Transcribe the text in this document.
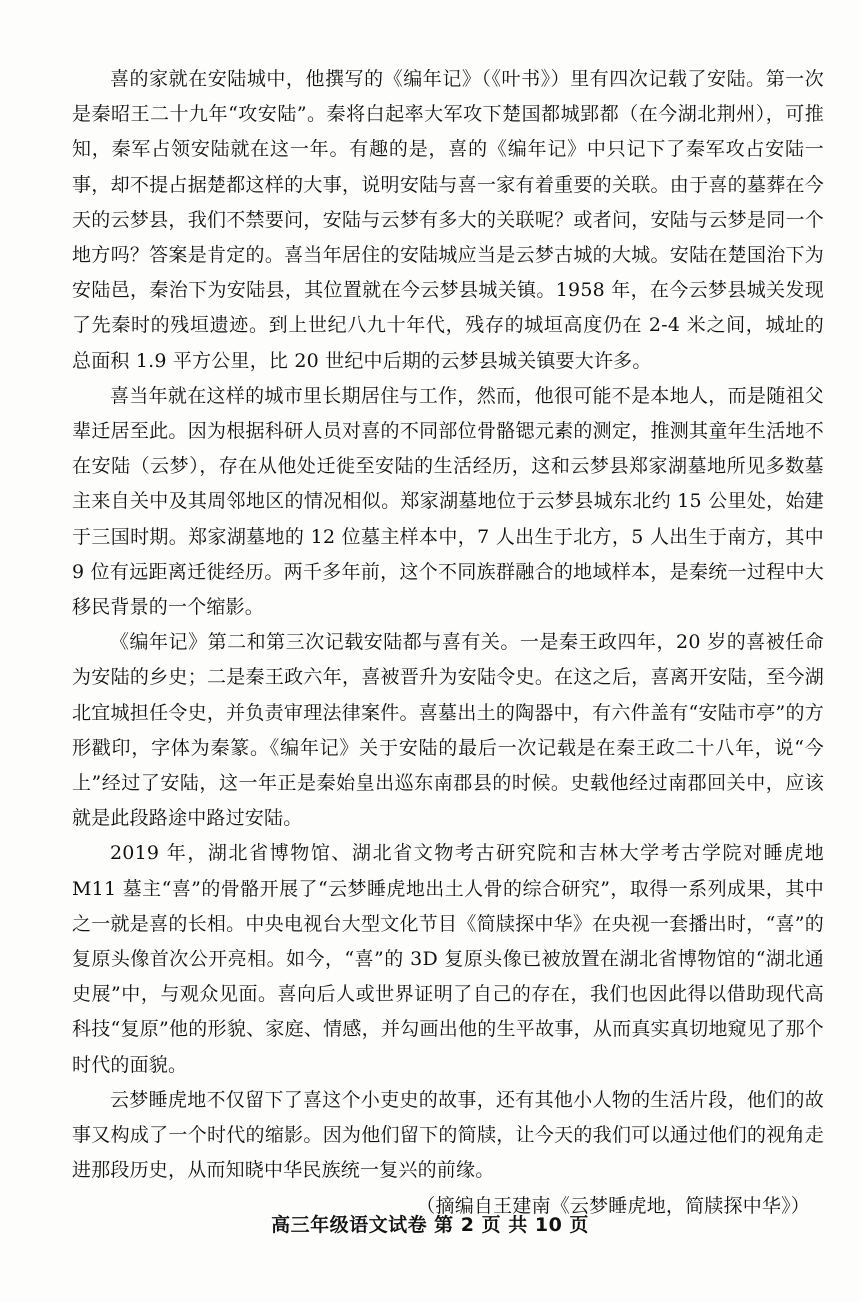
喜的家就在安陆城中，他撰写的《编年记》（《叶书》）里有四次记载了安陆。第一次是秦昭王二十九年“攻安陆”。秦将白起率大军攻下楚国都城郢都（在今湖北荆州），可推知，秦军占领安陆就在这一年。有趣的是，喜的《编年记》中只记下了秦军攻占安陆一事，却不提占据楚都这样的大事，说明安陆与喜一家有着重要的关联。由于喜的墓葬在今天的云梦县，我们不禁要问，安陆与云梦有多大的关联呢？或者问，安陆与云梦是同一个地方吗？答案是肯定的。喜当年居住的安陆城应当是云梦古城的大城。安陆在楚国治下为安陆邑，秦治下为安陆县，其位置就在今云梦县城关镇。1958 年，在今云梦县城关发现了先秦时的残垣遗迹。到上世纪八九十年代，残存的城垣高度仍在 2-4 米之间，城址的总面积 1.9 平方公里，比 20 世纪中后期的云梦县城关镇要大许多。

喜当年就在这样的城市里长期居住与工作，然而，他很可能不是本地人，而是随祖父辈迁居至此。因为根据科研人员对喜的不同部位骨骼锶元素的测定，推测其童年生活地不在安陆（云梦），存在从他处迁徙至安陆的生活经历，这和云梦县郑家湖墓地所见多数墓主来自关中及其周邻地区的情况相似。郑家湖墓地位于云梦县城东北约 15 公里处，始建于三国时期。郑家湖墓地的 12 位墓主样本中，7 人出生于北方，5 人出生于南方，其中 9 位有远距离迁徙经历。两千多年前，这个不同族群融合的地域样本，是秦统一过程中大移民背景的一个缩影。

《编年记》第二和第三次记载安陆都与喜有关。一是秦王政四年，20 岁的喜被任命为安陆的乡史；二是秦王政六年，喜被晋升为安陆令史。在这之后，喜离开安陆，至今湖北宜城担任令史，并负责审理法律案件。喜墓出土的陶器中，有六件盖有“安陆市亭”的方形戳印，字体为秦篆。《编年记》关于安陆的最后一次记载是在秦王政二十八年，说“今上”经过了安陆，这一年正是秦始皇出巡东南郡县的时候。史载他经过南郡回关中，应该就是此段路途中路过安陆。

2019 年，湖北省博物馆、湖北省文物考古研究院和吉林大学考古学院对睡虎地 M11 墓主“喜”的骨骼开展了“云梦睡虎地出土人骨的综合研究”，取得一系列成果，其中之一就是喜的长相。中央电视台大型文化节目《简牍探中华》在央视一套播出时，“喜”的复原头像首次公开亮相。如今，“喜”的 3D 复原头像已被放置在湖北省博物馆的“湖北通史展”中，与观众见面。喜向后人或世界证明了自己的存在，我们也因此得以借助现代高科技“复原”他的形貌、家庭、情感，并勾画出他的生平故事，从而真实真切地窥见了那个时代的面貌。

云梦睡虎地不仅留下了喜这个小吏史的故事，还有其他小人物的生活片段，他们的故事又构成了一个时代的缩影。因为他们留下的简牍，让今天的我们可以通过他们的视角走进那段历史，从而知晓中华民族统一复兴的前缘。

（摘编自王建南《云梦睡虎地，简牍探中华》）

高三年级语文试卷 第 2 页 共 10 页
